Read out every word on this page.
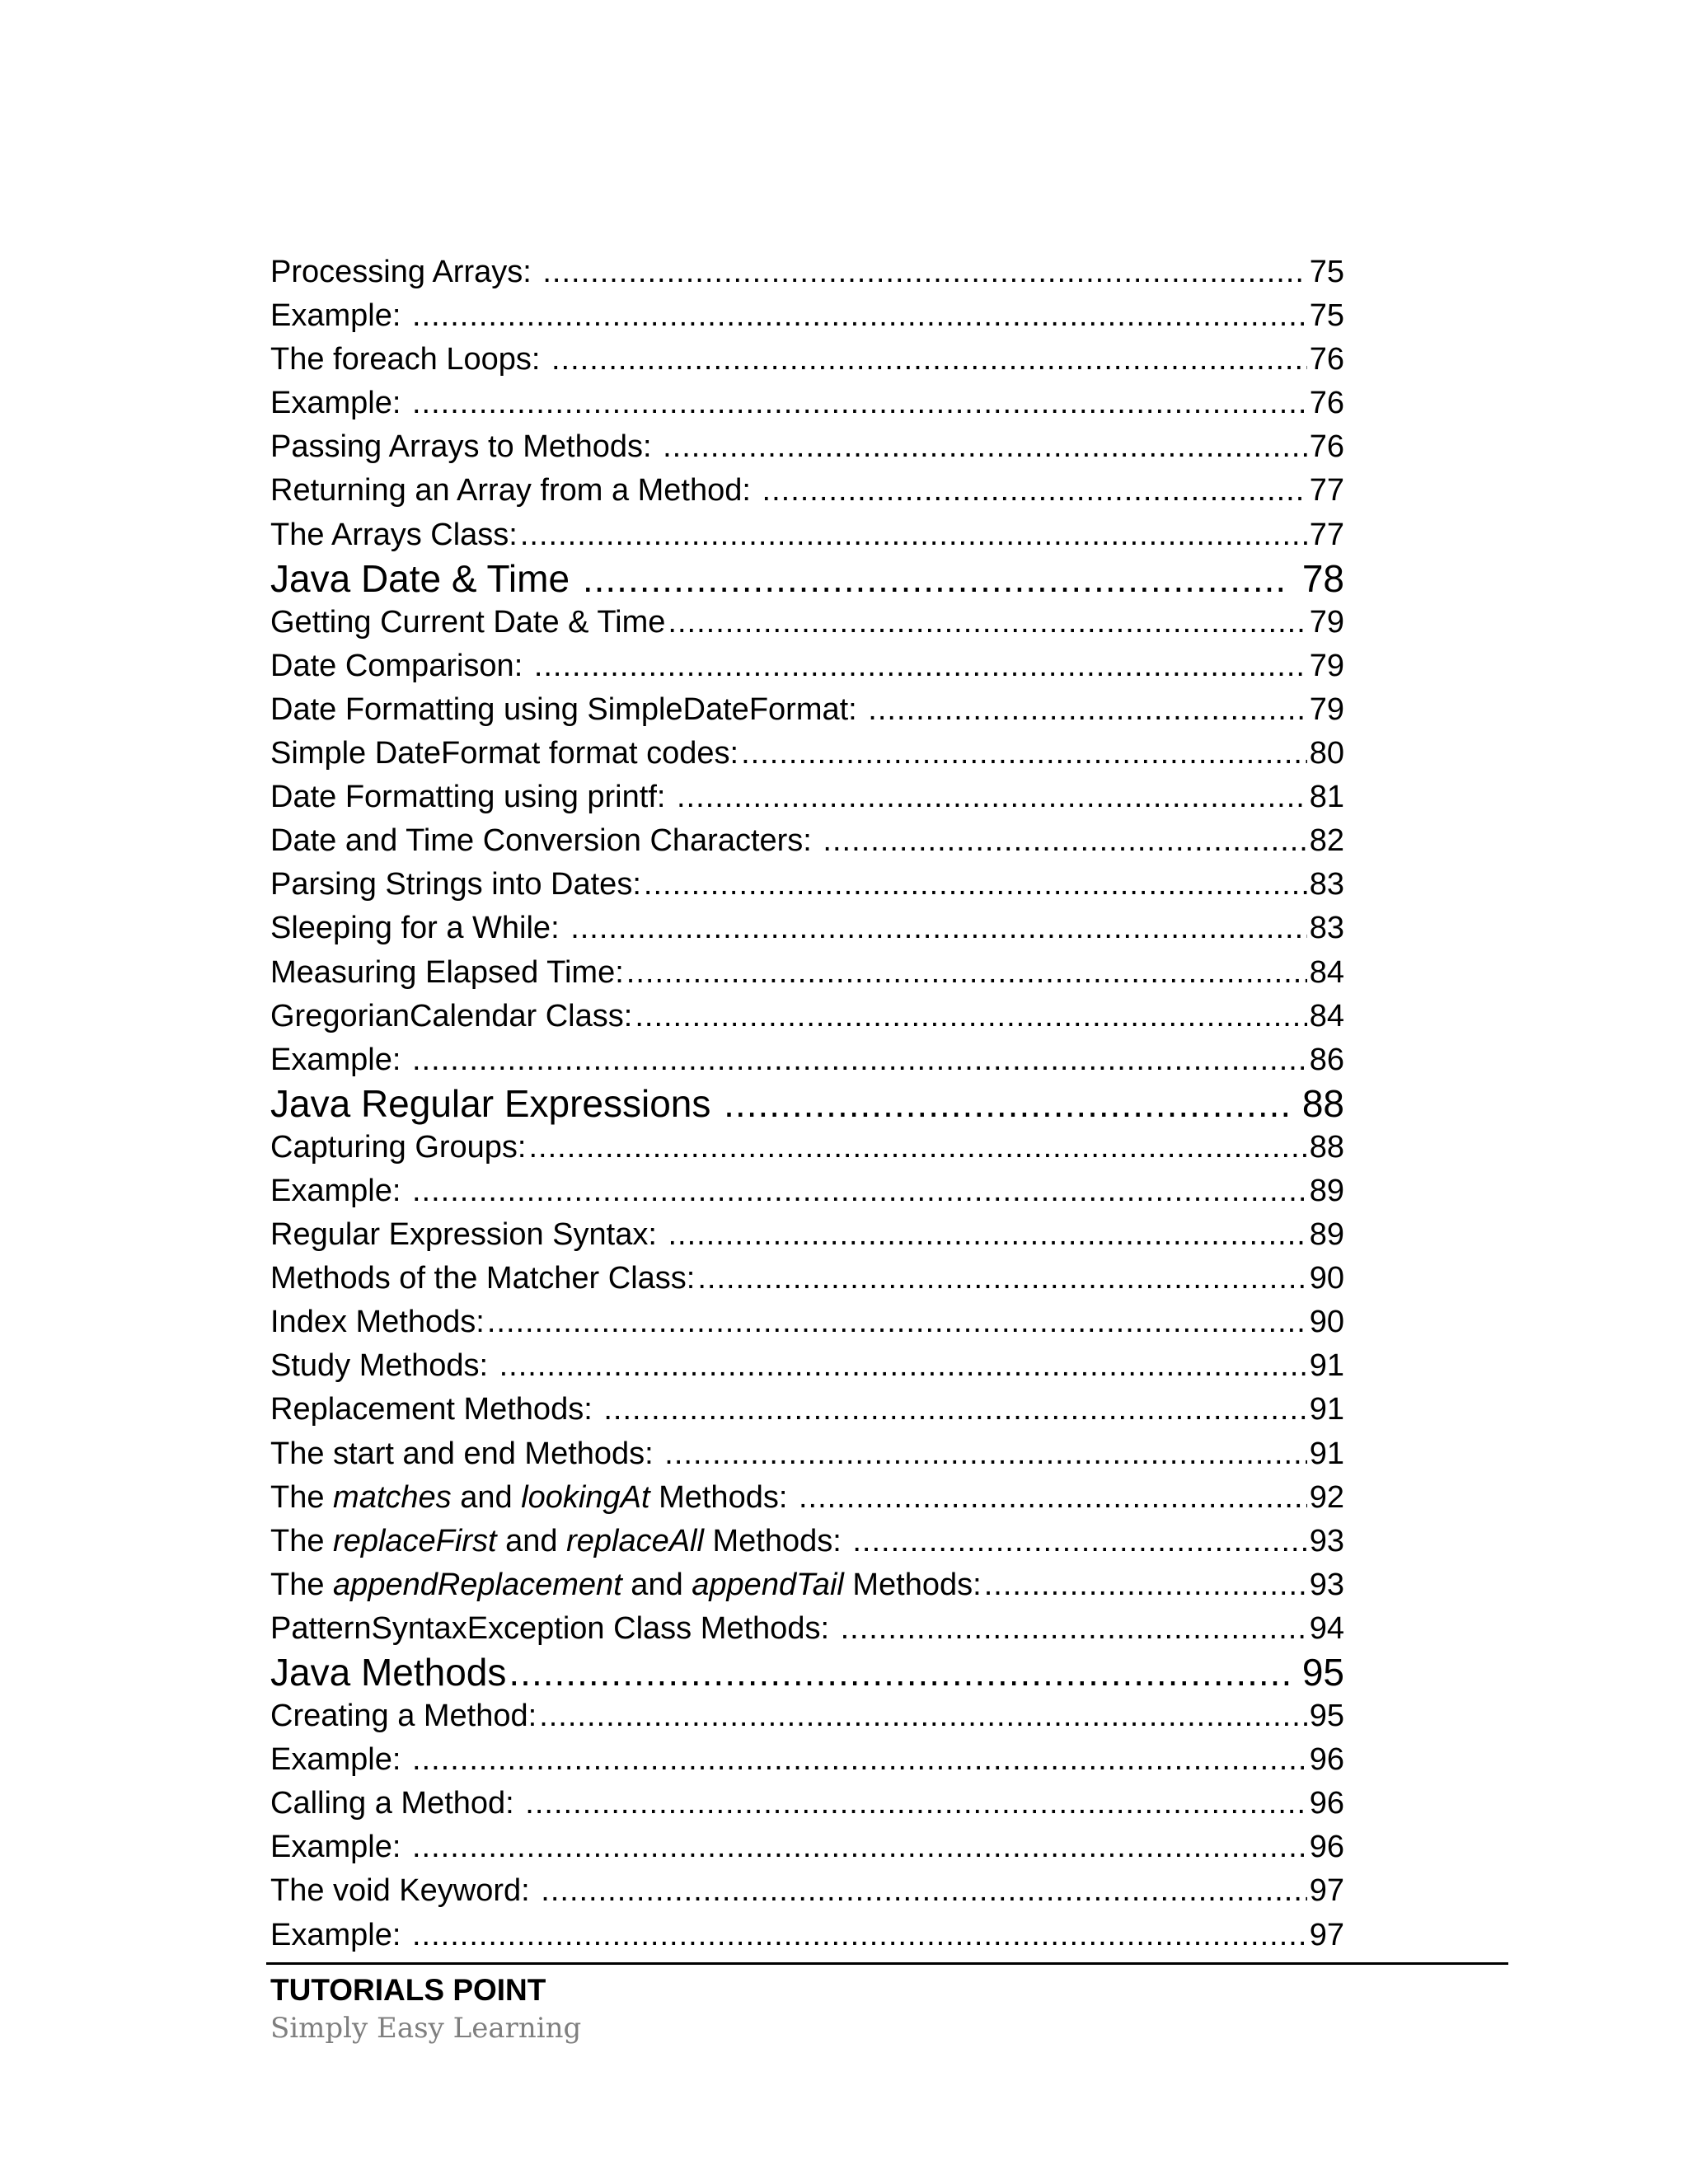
Processing Arrays: .....	75
Example: .....	75
The foreach Loops: .....	76
Example: .....	76
Passing Arrays to Methods: .....	76
Returning an Array from a Method: .....	77
The Arrays Class: .....	77
Java Date & Time .....	78
Getting Current Date & Time .....	79
Date Comparison: .....	79
Date Formatting using SimpleDateFormat: .....	79
Simple DateFormat format codes: .....	80
Date Formatting using printf: .....	81
Date and Time Conversion Characters: .....	82
Parsing Strings into Dates: .....	83
Sleeping for a While: .....	83
Measuring Elapsed Time: .....	84
GregorianCalendar Class: .....	84
Example: .....	86
Java Regular Expressions .....	88
Capturing Groups: .....	88
Example: .....	89
Regular Expression Syntax: .....	89
Methods of the Matcher Class: .....	90
Index Methods: .....	90
Study Methods: .....	91
Replacement Methods: .....	91
The start and end Methods: .....	91
The matches and lookingAt Methods: .....	92
The replaceFirst and replaceAll Methods: .....	93
The appendReplacement and appendTail Methods: .....	93
PatternSyntaxException Class Methods: .....	94
Java Methods .....	95
Creating a Method: .....	95
Example: .....	96
Calling a Method: .....	96
Example: .....	96
The void Keyword: .....	97
Example: .....	97
TUTORIALS POINT
Simply Easy Learning
